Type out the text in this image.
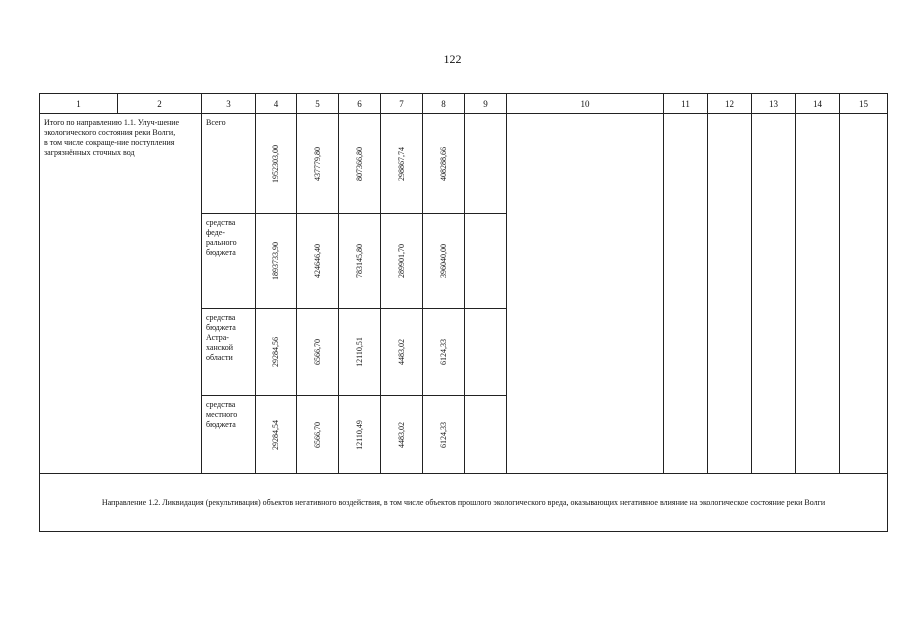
122
1	2	3	4	5	6	7	8	9	10	11	12	13	14	15

Итого по направлению 1.1. Улуч-шение экологического состояния реки Волги, в том числе сокраще-ние поступления загрязнённых сточных вод		Всего	1952303,00	437779,80	807366,80	298867,74	408288,66							

		средства феде-рального бюджета	1893733,90	424646,40	783145,80	289901,70	396040,00							

		средства бюджета Астра-ханской области	29284,56	6566,70	12110,51	4483,02	6124,33							

		средства местного бюджета	29284,54	6566,70	12110,49	4483,02	6124,33							

Направление 1.2. Ликвидация (рекультивация) объектов негативного воздействия, в том числе объектов прошлого экологического вреда, оказывающих негативное влияние на экологическое состояние реки Волги														
